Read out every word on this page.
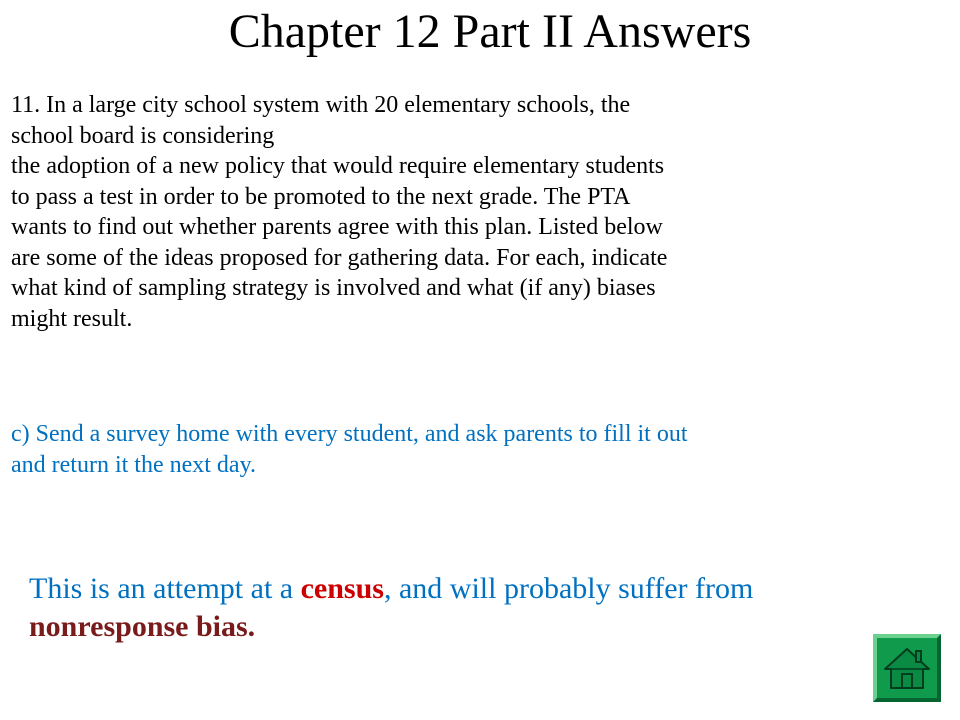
Chapter 12 Part II Answers
11. In a large city school system with 20 elementary schools, the
school board is considering
the adoption of a new policy that would require elementary students
to pass a test in order to be promoted to the next grade. The PTA
wants to find out whether parents agree with this plan. Listed below
are some of the ideas proposed for gathering data. For each, indicate
what kind of sampling strategy is involved and what (if any) biases
might result.
c) Send a survey home with every student, and ask parents to fill it out
and return it the next day.
This is an attempt at a census, and will probably suffer from
nonresponse bias.
